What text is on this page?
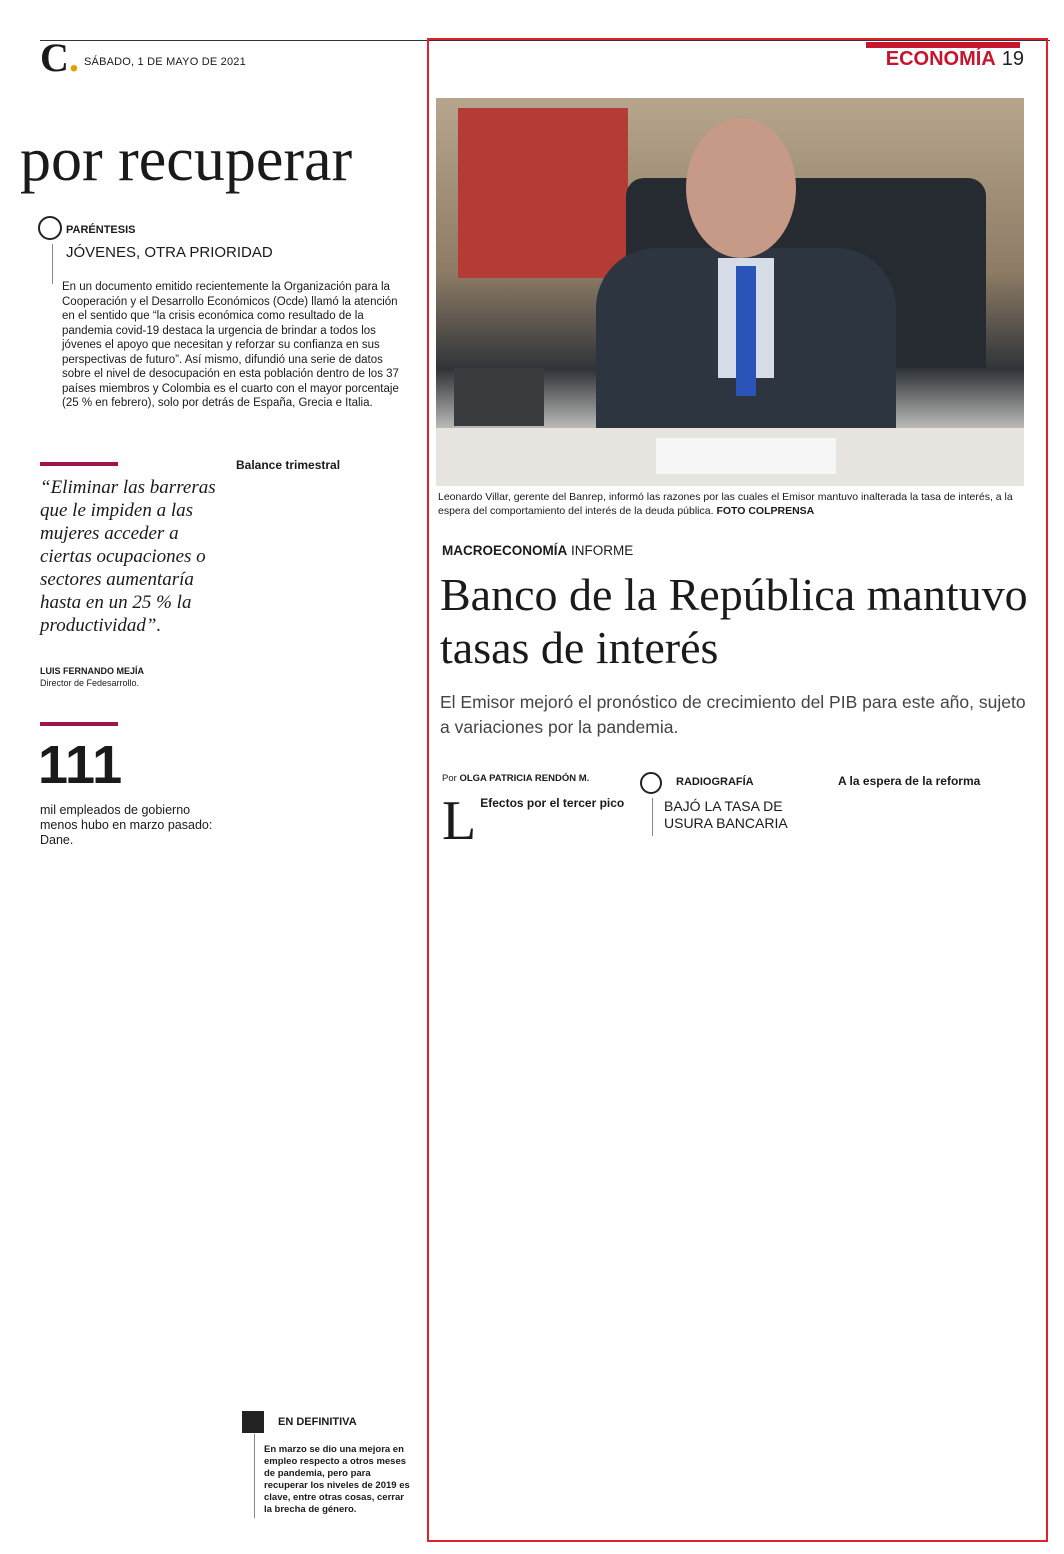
C. SÁBADO, 1 DE MAYO DE 2021	ECONOMÍA 19
por recuperar
PARÉNTESIS
JÓVENES, OTRA PRIORIDAD
En un documento emitido recientemente la Organización para la Cooperación y el Desarrollo Económicos (Ocde) llamó la atención en el sentido que “la crisis económica como resultado de la pandemia covid-19 destaca la urgencia de brindar a todos los jóvenes el apoyo que necesitan y reforzar su confianza en sus perspectivas de futuro”. Así mismo, difundió una serie de datos sobre el nivel de desocupación en esta población dentro de los 37 países miembros y Colombia es el cuarto con el mayor porcentaje (25 % en febrero), solo por detrás de España, Grecia e Italia.
“Eliminar las barreras que le impiden a las mujeres acceder a ciertas ocupaciones o sectores aumentaría hasta en un 25 % la productividad”.
LUIS FERNANDO MEJÍA
Director de Fedesarrollo.
111
mil empleados de gobierno menos hubo en marzo pasado: Dane.
Balance trimestral
EN DEFINITIVA
En marzo se dio una mejora en empleo respecto a otros meses de pandemia, pero para recuperar los niveles de 2019 es clave, entre otras cosas, cerrar la brecha de género.
Leonardo Villar, gerente del Banrep, informó las razones por las cuales el Emisor mantuvo inalterada la tasa de interés, a la espera del comportamiento del interés de la deuda pública. FOTO COLPRENSA
MACROECONOMÍA INFORME
Banco de la República mantuvo tasas de interés
El Emisor mejoró el pronóstico de crecimiento del PIB para este año, sujeto a variaciones por la pandemia.
Por OLGA PATRICIA RENDÓN M.
L Efectos por el tercer pico
RADIOGRAFÍA
BAJÓ LA TASA DE USURA BANCARIA
A la espera de la reforma
